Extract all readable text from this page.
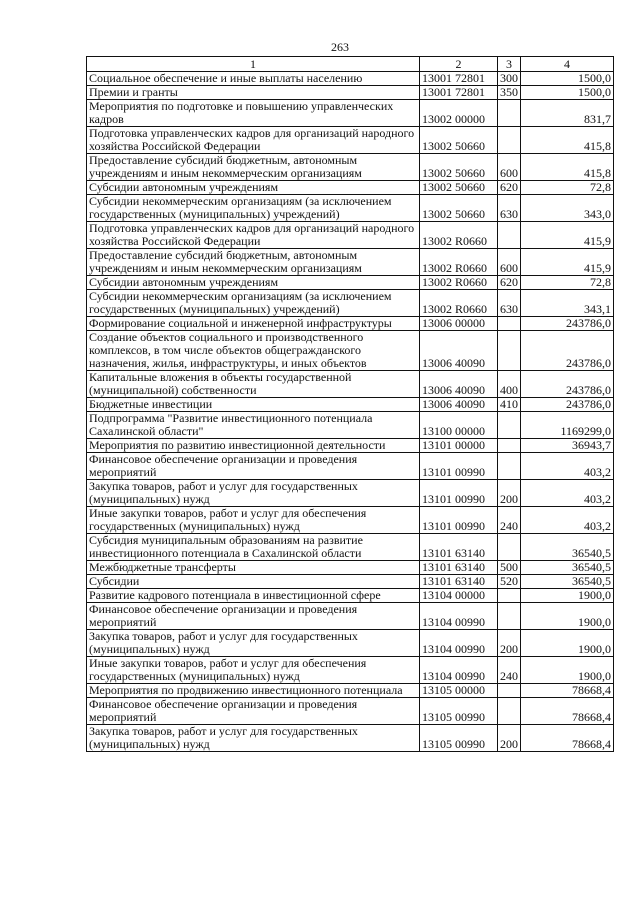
263
1	2	3	4
Социальное обеспечение и иные выплаты населению	13001 72801	300	1500,0
Премии и гранты	13001 72801	350	1500,0
Мероприятия по подготовке и повышению управленческих кадров	13002 00000		831,7
Подготовка управленческих кадров для организаций народного хозяйства Российской Федерации	13002 50660		415,8
Предоставление субсидий бюджетным, автономным учреждениям и иным некоммерческим организациям	13002 50660	600	415,8
Субсидии автономным учреждениям	13002 50660	620	72,8
Субсидии некоммерческим организациям (за исключением государственных (муниципальных) учреждений)	13002 50660	630	343,0
Подготовка управленческих кадров для организаций народного хозяйства Российской Федерации	13002 R0660		415,9
Предоставление субсидий бюджетным, автономным учреждениям и иным некоммерческим организациям	13002 R0660	600	415,9
Субсидии автономным учреждениям	13002 R0660	620	72,8
Субсидии некоммерческим организациям (за исключением государственных (муниципальных) учреждений)	13002 R0660	630	343,1
Формирование социальной и инженерной инфраструктуры	13006 00000		243786,0
Создание объектов социального и производственного комплексов, в том числе объектов общегражданского назначения, жилья, инфраструктуры, и иных объектов	13006 40090		243786,0
Капитальные вложения в объекты государственной (муниципальной) собственности	13006 40090	400	243786,0
Бюджетные инвестиции	13006 40090	410	243786,0
Подпрограмма "Развитие инвестиционного потенциала Сахалинской области"	13100 00000		1169299,0
Мероприятия по развитию инвестиционной деятельности	13101 00000		36943,7
Финансовое обеспечение организации и проведения мероприятий	13101 00990		403,2
Закупка товаров, работ и услуг для государственных (муниципальных) нужд	13101 00990	200	403,2
Иные закупки товаров, работ и услуг для обеспечения государственных (муниципальных) нужд	13101 00990	240	403,2
Субсидия муниципальным образованиям на развитие инвестиционного потенциала в Сахалинской области	13101 63140		36540,5
Межбюджетные трансферты	13101 63140	500	36540,5
Субсидии	13101 63140	520	36540,5
Развитие кадрового потенциала в инвестиционной сфере	13104 00000		1900,0
Финансовое обеспечение организации и проведения мероприятий	13104 00990		1900,0
Закупка товаров, работ и услуг для государственных (муниципальных) нужд	13104 00990	200	1900,0
Иные закупки товаров, работ и услуг для обеспечения государственных (муниципальных) нужд	13104 00990	240	1900,0
Мероприятия по продвижению инвестиционного потенциала	13105 00000		78668,4
Финансовое обеспечение организации и проведения мероприятий	13105 00990		78668,4
Закупка товаров, работ и услуг для государственных (муниципальных) нужд	13105 00990	200	78668,4
